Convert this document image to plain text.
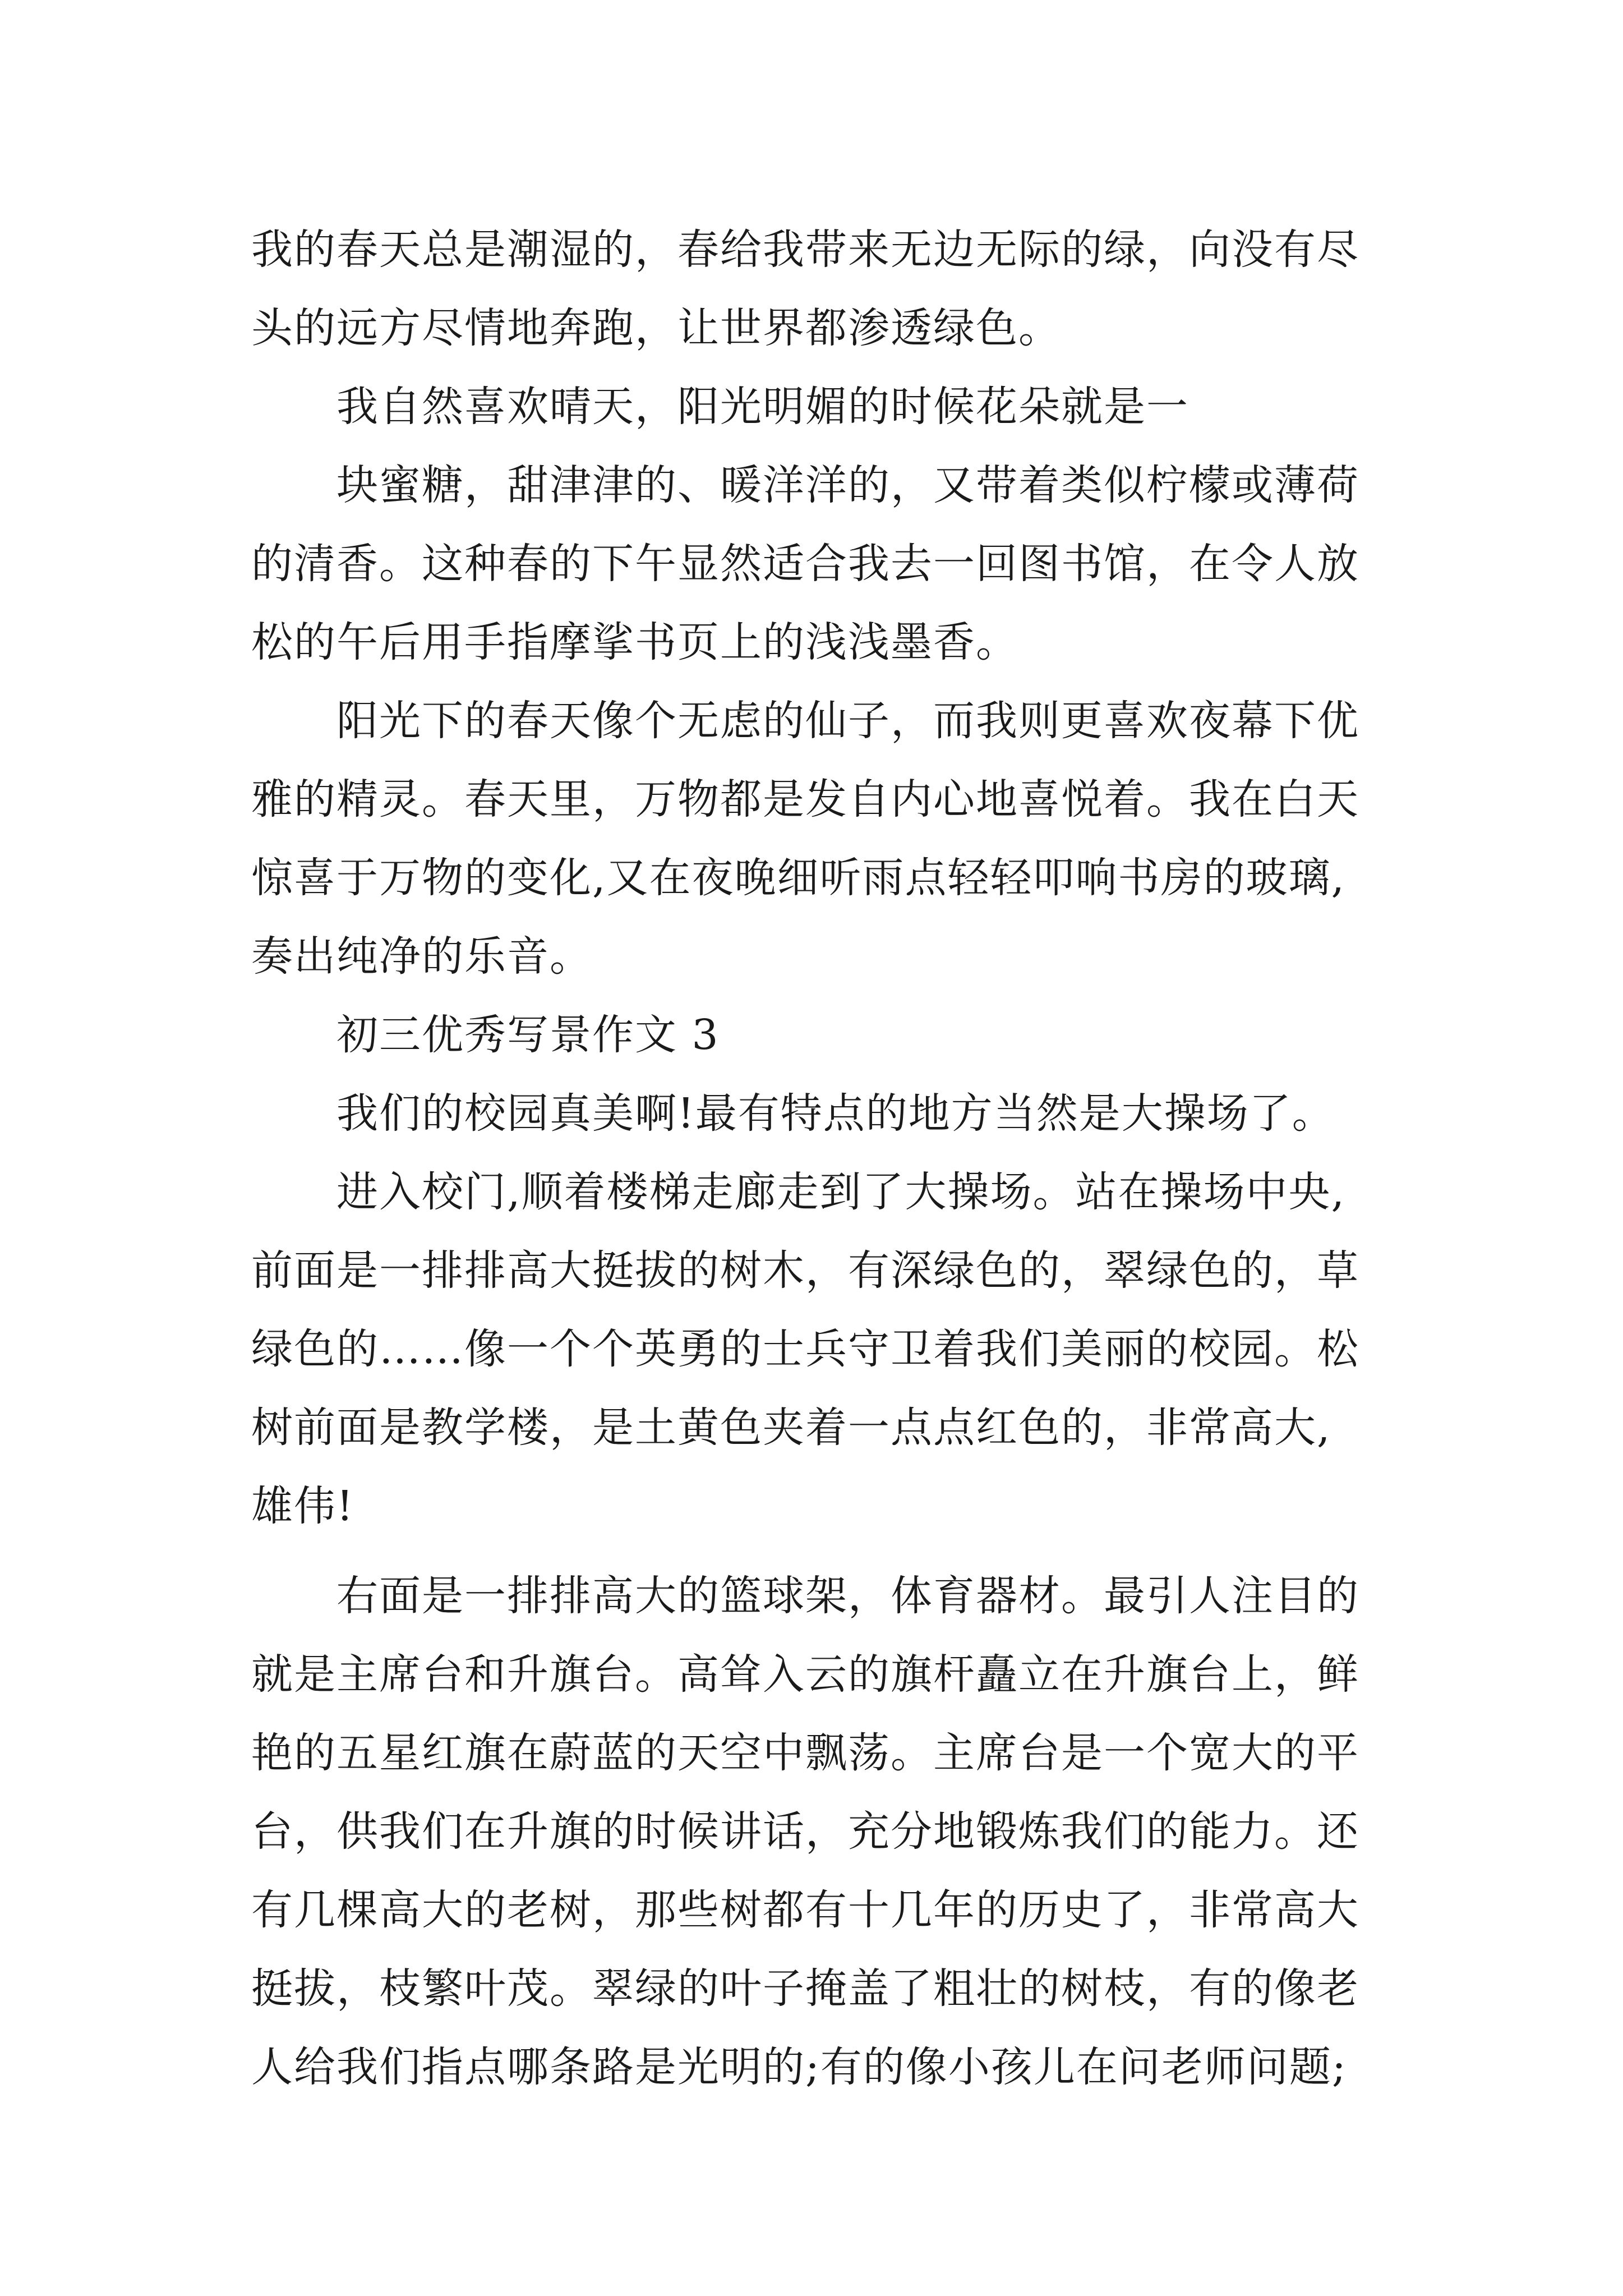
我的春天总是潮湿的，春给我带来无边无际的绿，向没有尽
头的远方尽情地奔跑，让世界都渗透绿色。
我自然喜欢晴天，阳光明媚的时候花朵就是一
块蜜糖，甜津津的、暖洋洋的，又带着类似柠檬或薄荷
的清香。这种春的下午显然适合我去一回图书馆，在令人放
松的午后用手指摩挲书页上的浅浅墨香。
阳光下的春天像个无虑的仙子，而我则更喜欢夜幕下优
雅的精灵。春天里，万物都是发自内心地喜悦着。我在白天
惊喜于万物的变化,又在夜晚细听雨点轻轻叩响书房的玻璃,
奏出纯净的乐音。
初三优秀写景作文 3
我们的校园真美啊!最有特点的地方当然是大操场了。
进入校门,顺着楼梯走廊走到了大操场。站在操场中央,
前面是一排排高大挺拔的树木，有深绿色的，翠绿色的，草
绿色的……像一个个英勇的士兵守卫着我们美丽的校园。松
树前面是教学楼，是土黄色夹着一点点红色的，非常高大,
雄伟!
右面是一排排高大的篮球架，体育器材。最引人注目的
就是主席台和升旗台。高耸入云的旗杆矗立在升旗台上，鲜
艳的五星红旗在蔚蓝的天空中飘荡。主席台是一个宽大的平
台，供我们在升旗的时候讲话，充分地锻炼我们的能力。还
有几棵高大的老树，那些树都有十几年的历史了，非常高大
挺拔，枝繁叶茂。翠绿的叶子掩盖了粗壮的树枝，有的像老
人给我们指点哪条路是光明的;有的像小孩儿在问老师问题;
